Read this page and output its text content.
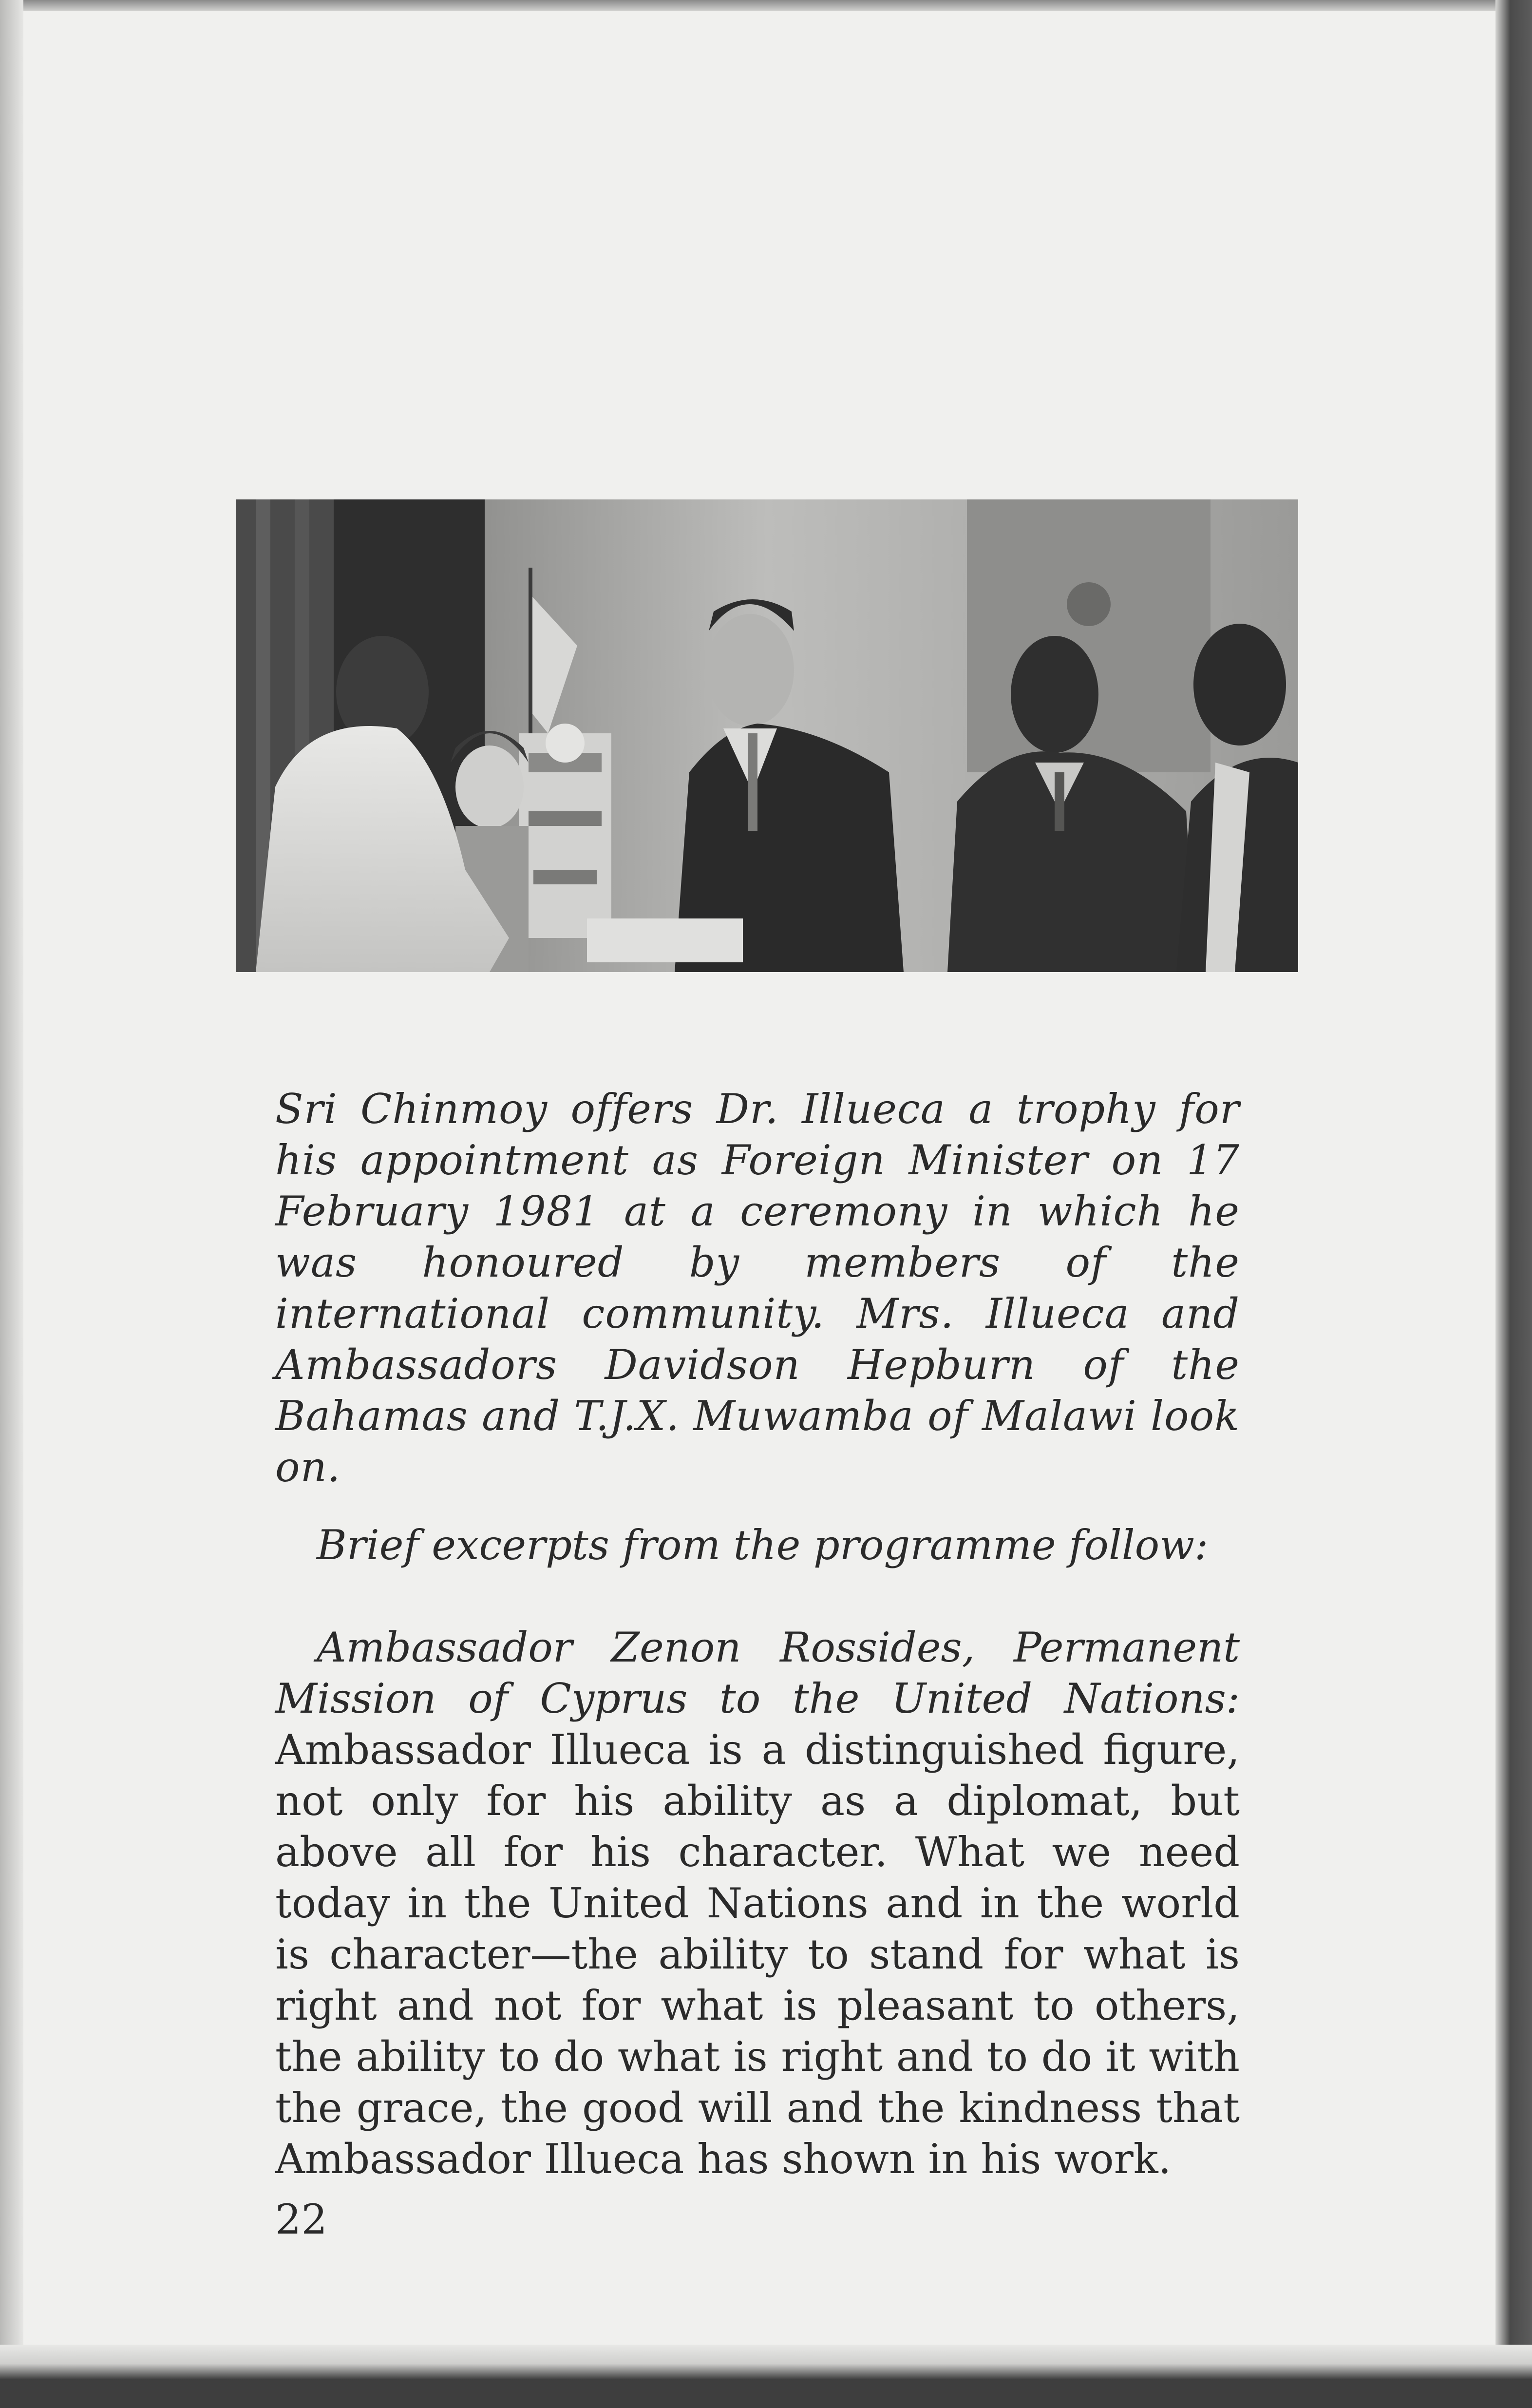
Sri Chinmoy offers Dr. Illueca a trophy for his appointment as Foreign Minister on 17 February 1981 at a ceremony in which he was honoured by members of the international community. Mrs. Illueca and Ambassadors Davidson Hepburn of the Bahamas and T.J.X. Muwamba of Malawi look on.

Brief excerpts from the programme follow:

Ambassador Zenon Rossides, Permanent Mission of Cyprus to the United Nations: Ambassador Illueca is a distinguished figure, not only for his ability as a diplomat, but above all for his character. What we need today in the United Nations and in the world is character—the ability to stand for what is right and not for what is pleasant to others, the ability to do what is right and to do it with the grace, the good will and the kindness that Ambassador Illueca has shown in his work.

22
